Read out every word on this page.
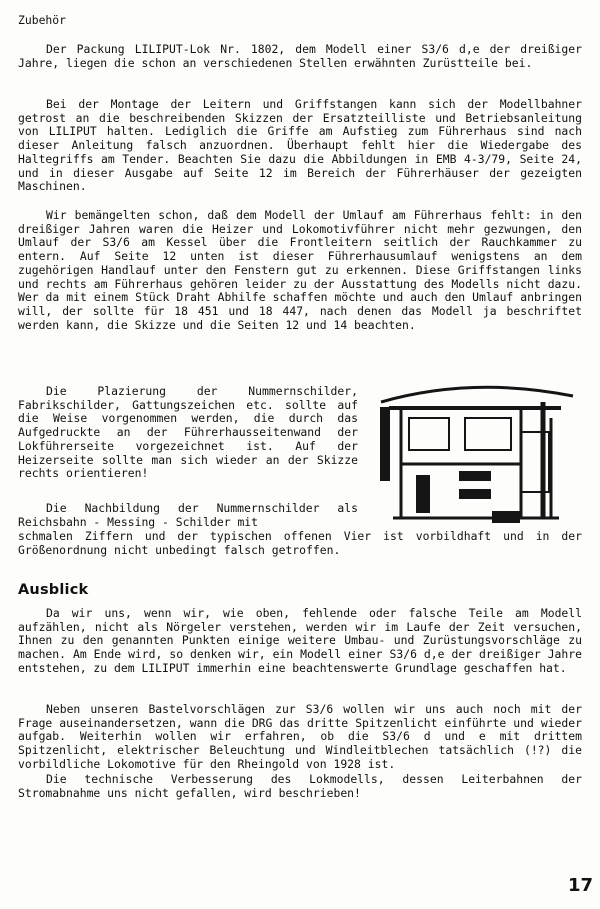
Zubehör

Der Packung LILIPUT-Lok Nr. 1802, dem Modell einer S3/6 d,e der dreißiger Jahre, liegen die schon an verschiedenen Stellen erwähnten Zurüstteile bei.

Bei der Montage der Leitern und Griffstangen kann sich der Modellbahner getrost an die beschreibenden Skizzen der Ersatzteilliste und Betriebsanleitung von LILIPUT halten. Lediglich die Griffe am Aufstieg zum Führerhaus sind nach dieser Anleitung falsch anzuordnen. Überhaupt fehlt hier die Wiedergabe des Haltegriffs am Tender. Beachten Sie dazu die Abbildungen in EMB 4-3/79, Seite 24, und in dieser Ausgabe auf Seite 12 im Bereich der Führerhäuser der gezeigten Maschinen.

Wir bemängelten schon, daß dem Modell der Umlauf am Führerhaus fehlt: in den dreißiger Jahren waren die Heizer und Lokomotivführer nicht mehr gezwungen, den Umlauf der S3/6 am Kessel über die Frontleitern seitlich der Rauchkammer zu entern. Auf Seite 12 unten ist dieser Führerhausumlauf wenigstens an dem zugehörigen Handlauf unter den Fenstern gut zu erkennen. Diese Griffstangen links und rechts am Führerhaus gehören leider zu der Ausstattung des Modells nicht dazu. Wer da mit einem Stück Draht Abhilfe schaffen möchte und auch den Umlauf anbringen will, der sollte für 18 451 und 18 447, nach denen das Modell ja beschriftet werden kann, die Skizze und die Seiten 12 und 14 beachten.

Die Plazierung der Nummernschilder, Fabrikschilder, Gattungszeichen etc. sollte auf die Weise vorgenommen werden, die durch das Aufgedruckte an der Führerhausseitenwand der Lokführerseite vorgezeichnet ist. Auf der Heizerseite sollte man sich wieder an der Skizze rechts orientieren!

Die Nachbildung der Nummernschilder als Reichsbahn - Messing - Schilder mit

schmalen Ziffern und der typischen offenen Vier ist vorbildhaft und in der Größenordnung nicht unbedingt falsch getroffen.

Ausblick

Da wir uns, wenn wir, wie oben, fehlende oder falsche Teile am Modell aufzählen, nicht als Nörgeler verstehen, werden wir im Laufe der Zeit versuchen, Ihnen zu den genannten Punkten einige weitere Umbau- und Zurüstungsvorschläge zu machen. Am Ende wird, so denken wir, ein Modell einer S3/6 d,e der dreißiger Jahre entstehen, zu dem LILIPUT immerhin eine beachtenswerte Grundlage geschaffen hat.

Neben unseren Bastelvorschlägen zur S3/6 wollen wir uns auch noch mit der Frage auseinandersetzen, wann die DRG das dritte Spitzenlicht einführte und wieder aufgab. Weiterhin wollen wir erfahren, ob die S3/6 d und e mit drittem Spitzenlicht, elektrischer Beleuchtung und Windleitblechen tatsächlich (!?) die vorbildliche Lokomotive für den Rheingold von 1928 ist.

Die technische Verbesserung des Lokmodells, dessen Leiterbahnen der Stromabnahme uns nicht gefallen, wird beschrieben!

17
